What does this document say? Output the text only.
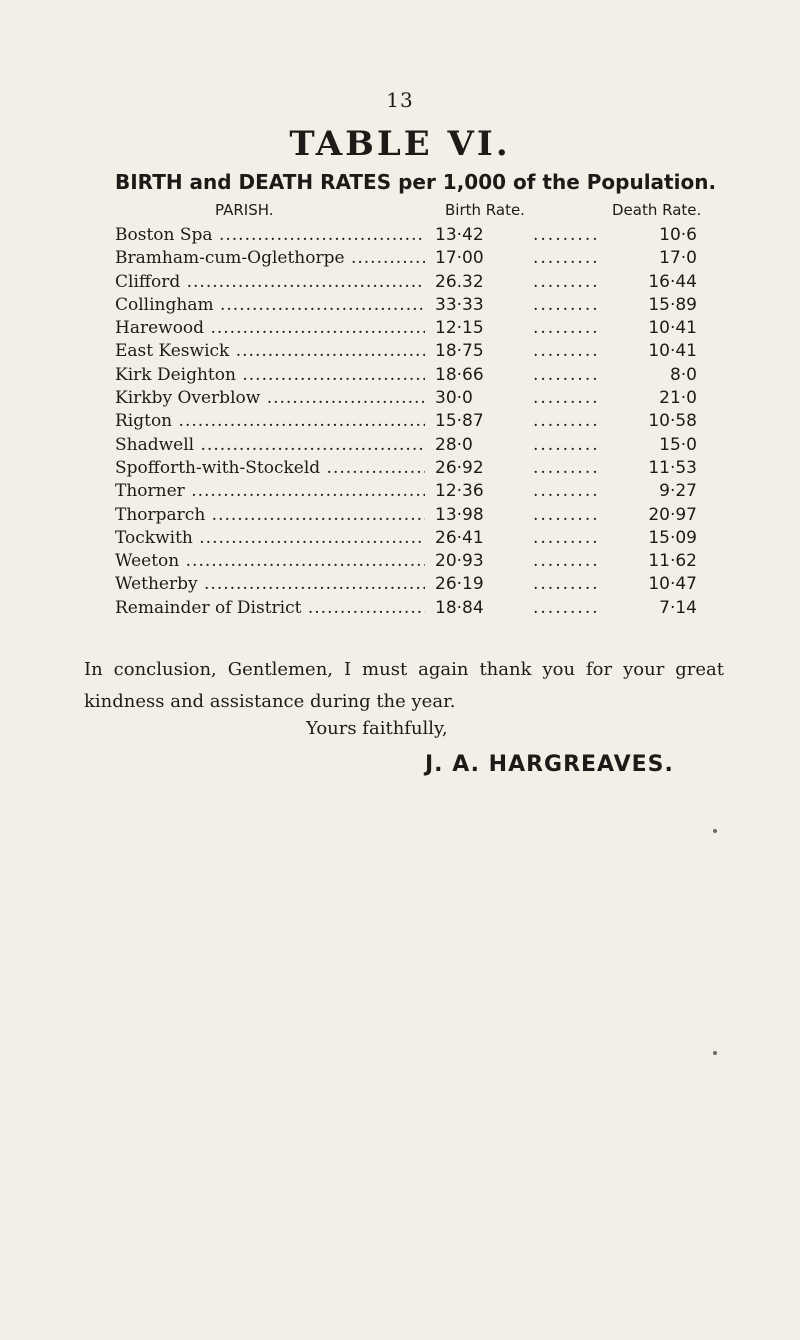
13
TABLE VI.
BIRTH and DEATH RATES per 1,000 of the Population.
PARISH.	Birth Rate.	Death Rate.
Boston Spa .....	13·42	.........	10·6
Bramham-cum-Oglethorpe .....	17·00	.........	17·0
Clifford .....	26.32	.........	16·44
Collingham .....	33·33	.........	15·89
Harewood .....	12·15	.........	10·41
East Keswick .....	18·75	.........	10·41
Kirk Deighton .....	18·66	.........	8·0
Kirkby Overblow .....	30·0	.........	21·0
Rigton .....	15·87	.........	10·58
Shadwell .....	28·0	.........	15·0
Spofforth-with-Stockeld .....	26·92	.........	11·53
Thorner .....	12·36	.........	9·27
Thorparch .....	13·98	.........	20·97
Tockwith .....	26·41	.........	15·09
Weeton .....	20·93	.........	11·62
Wetherby .....	26·19	.........	10·47
Remainder of District .....	18·84	.........	7·14
In conclusion, Gentlemen, I must again thank you for your great kindness and assistance during the year.
Yours faithfully,
J. A. HARGREAVES.
